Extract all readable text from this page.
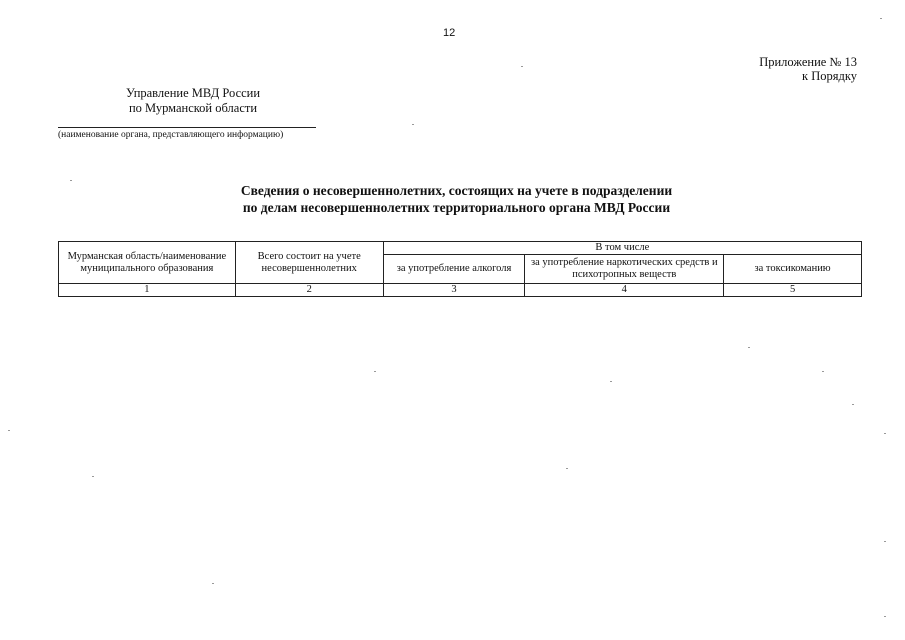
12
Приложение № 13
к Порядку
Управление МВД России
по Мурманской области
(наименование органа, представляющего информацию)
Сведения о несовершеннолетних, состоящих на учете в подразделении
по делам несовершеннолетних территориального органа МВД России
Мурманская область/наименование муниципального образования	Всего состоит на учете несовершеннолетних	В том числе		
		за употребление алкоголя	за употребление наркотических средств и психотропных веществ	за токсикоманию
1	2	3	4	5
